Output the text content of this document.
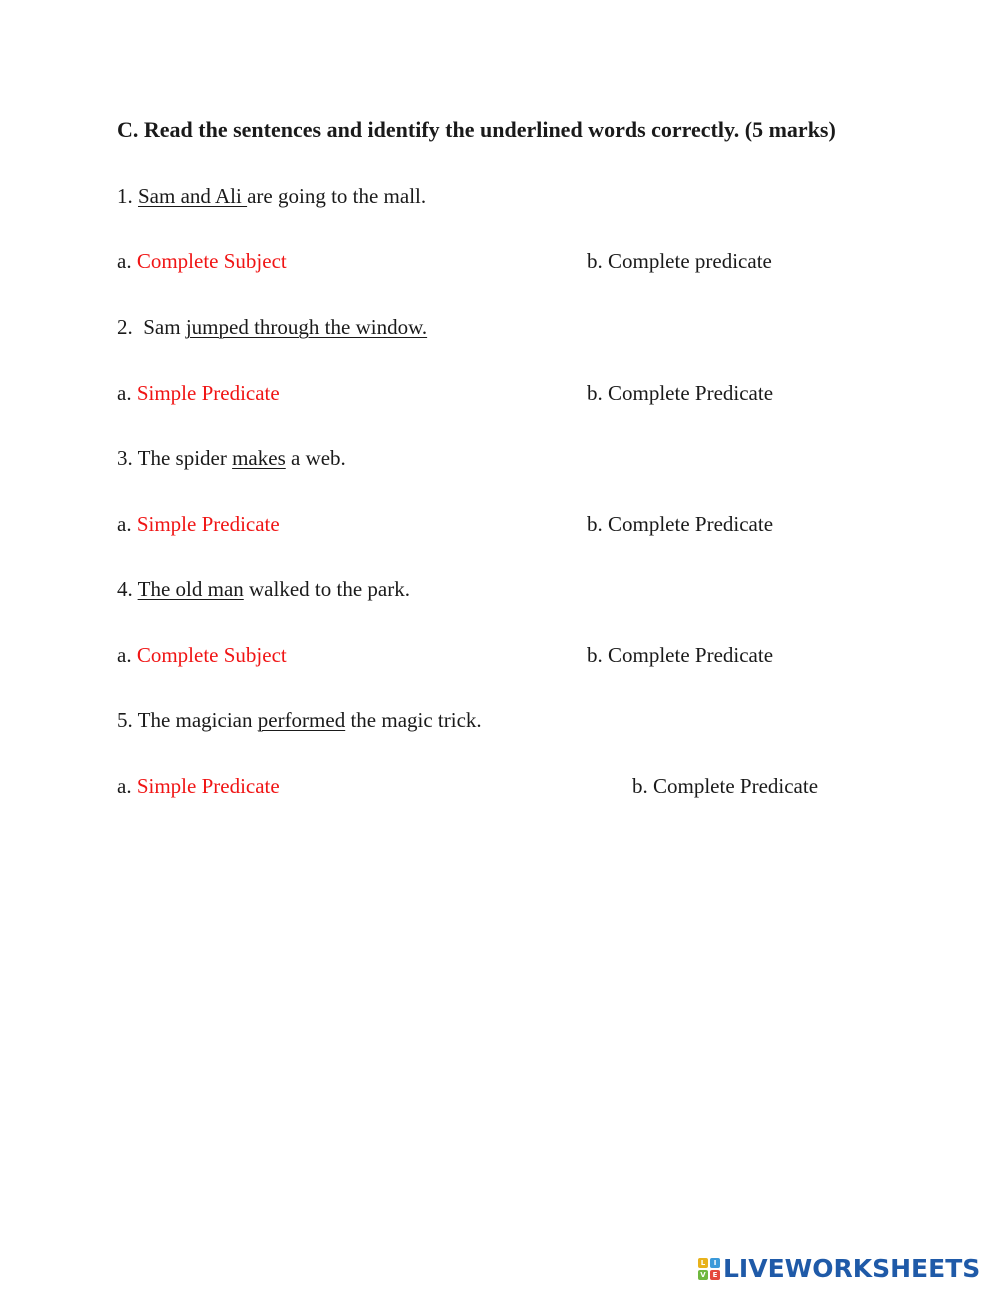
C. Read the sentences and identify the underlined words correctly. (5 marks)
1. Sam and Ali are going to the mall.
a. Complete Subject	b. Complete predicate
2.  Sam jumped through the window.
a. Simple Predicate	b. Complete Predicate
3. The spider makes a web.
a. Simple Predicate	b. Complete Predicate
4. The old man walked to the park.
a. Complete Subject	b. Complete Predicate
5. The magician performed the magic trick.
a. Simple Predicate	b. Complete Predicate
L	I
V E LIVEWORKSHEETS
